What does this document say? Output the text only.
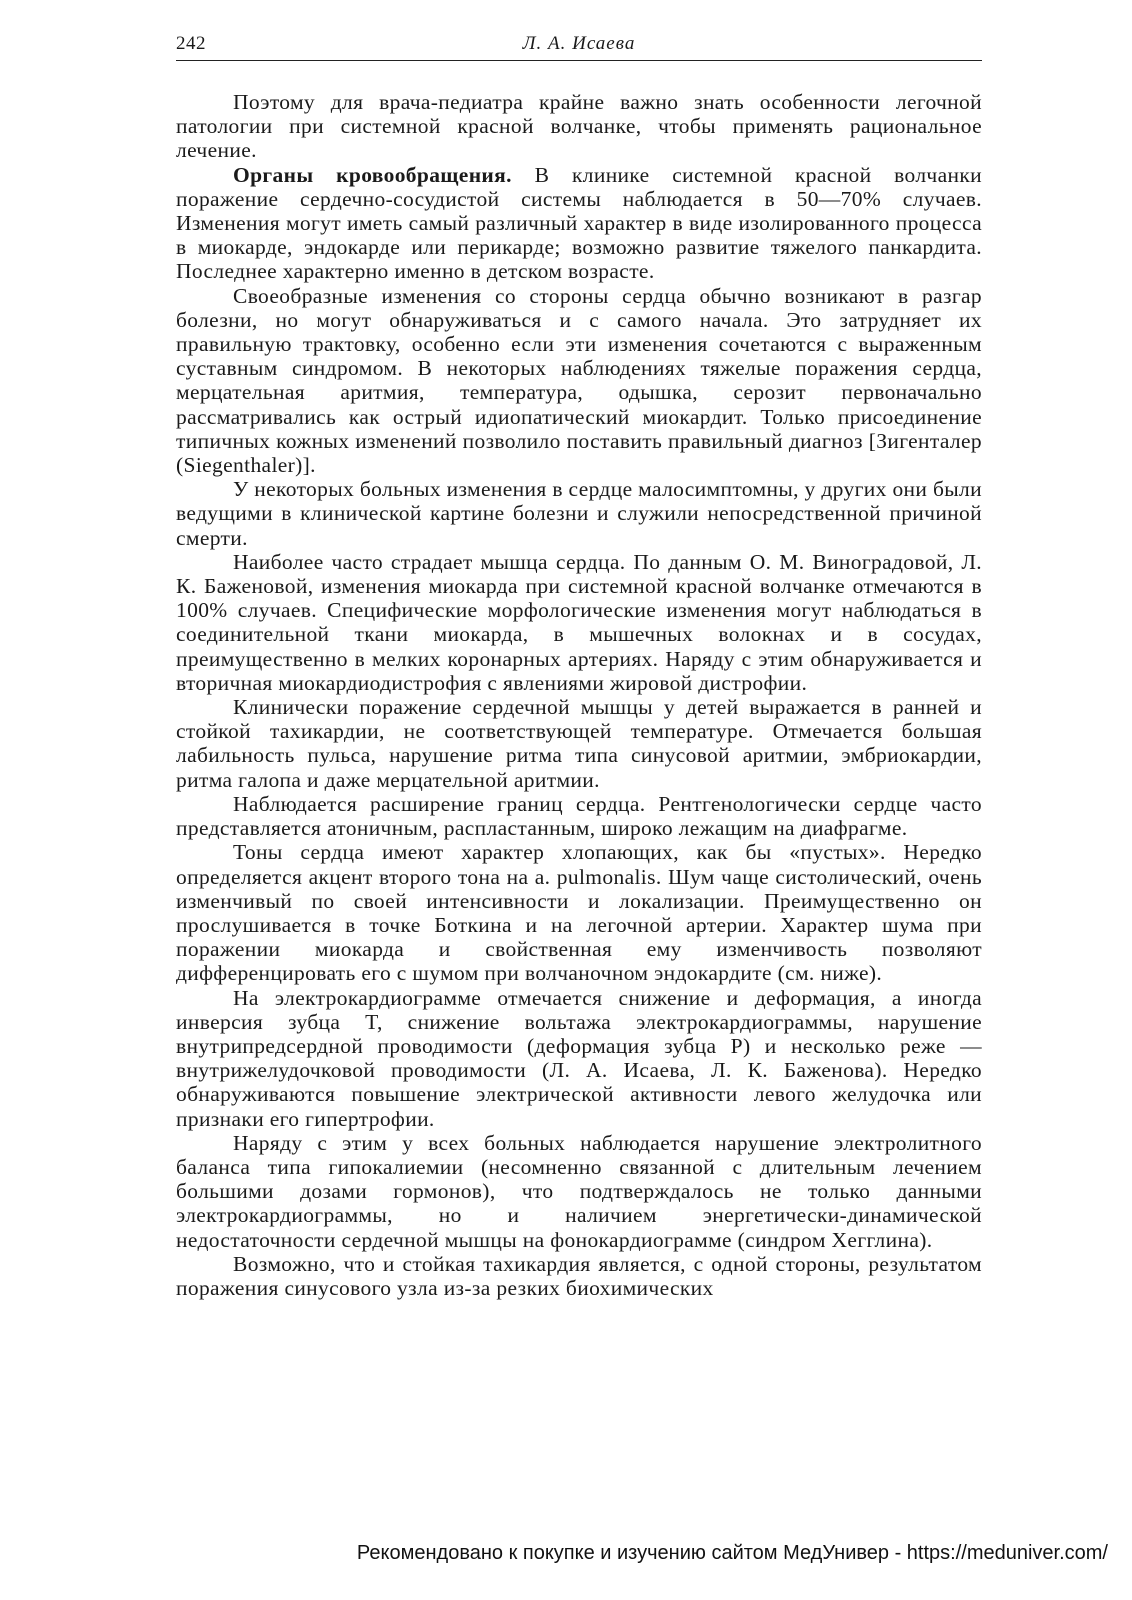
242	Л. А. Исаева

Поэтому для врача-педиатра крайне важно знать особенности легочной патологии при системной красной волчанке, чтобы применять рациональное лечение.

Органы кровообращения. В клинике системной красной волчанки поражение сердечно-сосудистой системы наблюдается в 50—70% случаев. Изменения могут иметь самый различный характер в виде изолированного процесса в миокарде, эндокарде или перикарде; возможно развитие тяжелого панкардита. Последнее характерно именно в детском возрасте.

Своеобразные изменения со стороны сердца обычно возникают в разгар болезни, но могут обнаруживаться и с самого начала. Это затрудняет их правильную трактовку, особенно если эти изменения сочетаются с выраженным суставным синдромом. В некоторых наблюдениях тяжелые поражения сердца, мерцательная аритмия, температура, одышка, серозит первоначально рассматривались как острый идиопатический миокардит. Только присоединение типичных кожных изменений позволило поставить правильный диагноз [Зигенталер (Siegenthaler)].

У некоторых больных изменения в сердце малосимптомны, у других они были ведущими в клинической картине болезни и служили непосредственной причиной смерти.

Наиболее часто страдает мышца сердца. По данным О. М. Виноградовой, Л. К. Баженовой, изменения миокарда при системной красной волчанке отмечаются в 100% случаев. Специфические морфологические изменения могут наблюдаться в соединительной ткани миокарда, в мышечных волокнах и в сосудах, преимущественно в мелких коронарных артериях. Наряду с этим обнаруживается и вторичная миокардиодистрофия с явлениями жировой дистрофии.

Клинически поражение сердечной мышцы у детей выражается в ранней и стойкой тахикардии, не соответствующей температуре. Отмечается большая лабильность пульса, нарушение ритма типа синусовой аритмии, эмбриокардии, ритма галопа и даже мерцательной аритмии.

Наблюдается расширение границ сердца. Рентгенологически сердце часто представляется атоничным, распластанным, широко лежащим на диафрагме.

Тоны сердца имеют характер хлопающих, как бы «пустых». Нередко определяется акцент второго тона на a. pulmonalis. Шум чаще систолический, очень изменчивый по своей интенсивности и локализации. Преимущественно он прослушивается в точке Боткина и на легочной артерии. Характер шума при поражении миокарда и свойственная ему изменчивость позволяют дифференцировать его с шумом при волчаночном эндокардите (см. ниже).

На электрокардиограмме отмечается снижение и деформация, а иногда инверсия зубца T, снижение вольтажа электрокардиограммы, нарушение внутрипредсердной проводимости (деформация зубца P) и несколько реже — внутрижелудочковой проводимости (Л. А. Исаева, Л. К. Баженова). Нередко обнаруживаются повышение электрической активности левого желудочка или признаки его гипертрофии.

Наряду с этим у всех больных наблюдается нарушение электролитного баланса типа гипокалиемии (несомненно связанной с длительным лечением большими дозами гормонов), что подтверждалось не только данными электрокардиограммы, но и наличием энергетически-динамической недостаточности сердечной мышцы на фонокардиограмме (синдром Хегглина).

Возможно, что и стойкая тахикардия является, с одной стороны, результатом поражения синусового узла из-за резких биохимических

Рекомендовано к покупке и изучению сайтом МедУнивер - https://meduniver.com/
